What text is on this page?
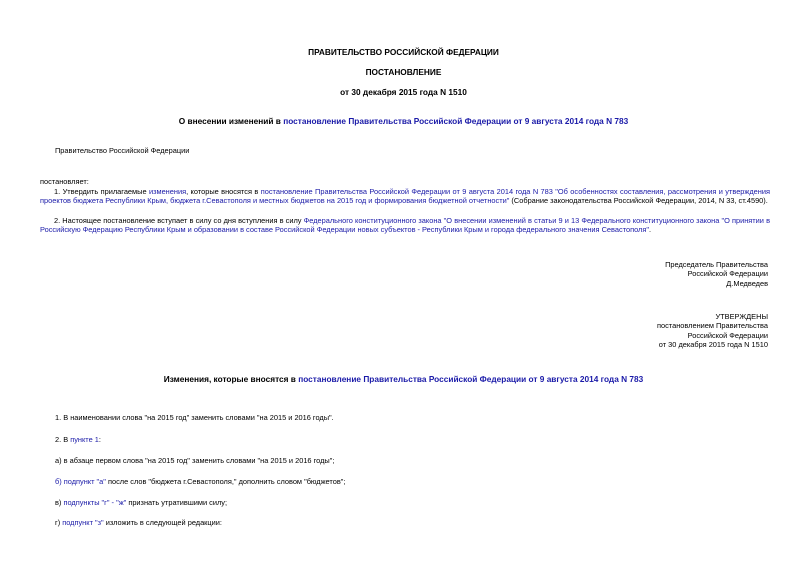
ПРАВИТЕЛЬСТВО РОССИЙСКОЙ ФЕДЕРАЦИИ
ПОСТАНОВЛЕНИЕ
от 30 декабря 2015 года N 1510
О внесении изменений в постановление Правительства Российской Федерации от 9 августа 2014 года N 783
Правительство Российской Федерации
постановляет:
1. Утвердить прилагаемые изменения, которые вносятся в постановление Правительства Российской Федерации от 9 августа 2014 года N 783 "Об особенностях составления, рассмотрения и утверждения проектов бюджета Республики Крым, бюджета г.Севастополя и местных бюджетов на 2015 год и формирования бюджетной отчетности" (Собрание законодательства Российской Федерации, 2014, N 33, ст.4590).
2. Настоящее постановление вступает в силу со дня вступления в силу Федерального конституционного закона "О внесении изменений в статьи 9 и 13 Федерального конституционного закона "О принятии в Российскую Федерацию Республики Крым и образовании в составе Российской Федерации новых субъектов - Республики Крым и города федерального значения Севастополя".
Председатель Правительства
Российской Федерации
Д.Медведев
УТВЕРЖДЕНЫ
постановлением Правительства
Российской Федерации
от 30 декабря 2015 года N 1510
Изменения, которые вносятся в постановление Правительства Российской Федерации от 9 августа 2014 года N 783
1. В наименовании слова "на 2015 год" заменить словами "на 2015 и 2016 годы".
2. В пункте 1:
а) в абзаце первом слова "на 2015 год" заменить словами "на 2015 и 2016 годы";
б) подпункт "а" после слов "бюджета г.Севастополя," дополнить словом "бюджетов";
в) подпункты "г" - "ж" признать утратившими силу;
г) подпункт "з" изложить в следующей редакции:
